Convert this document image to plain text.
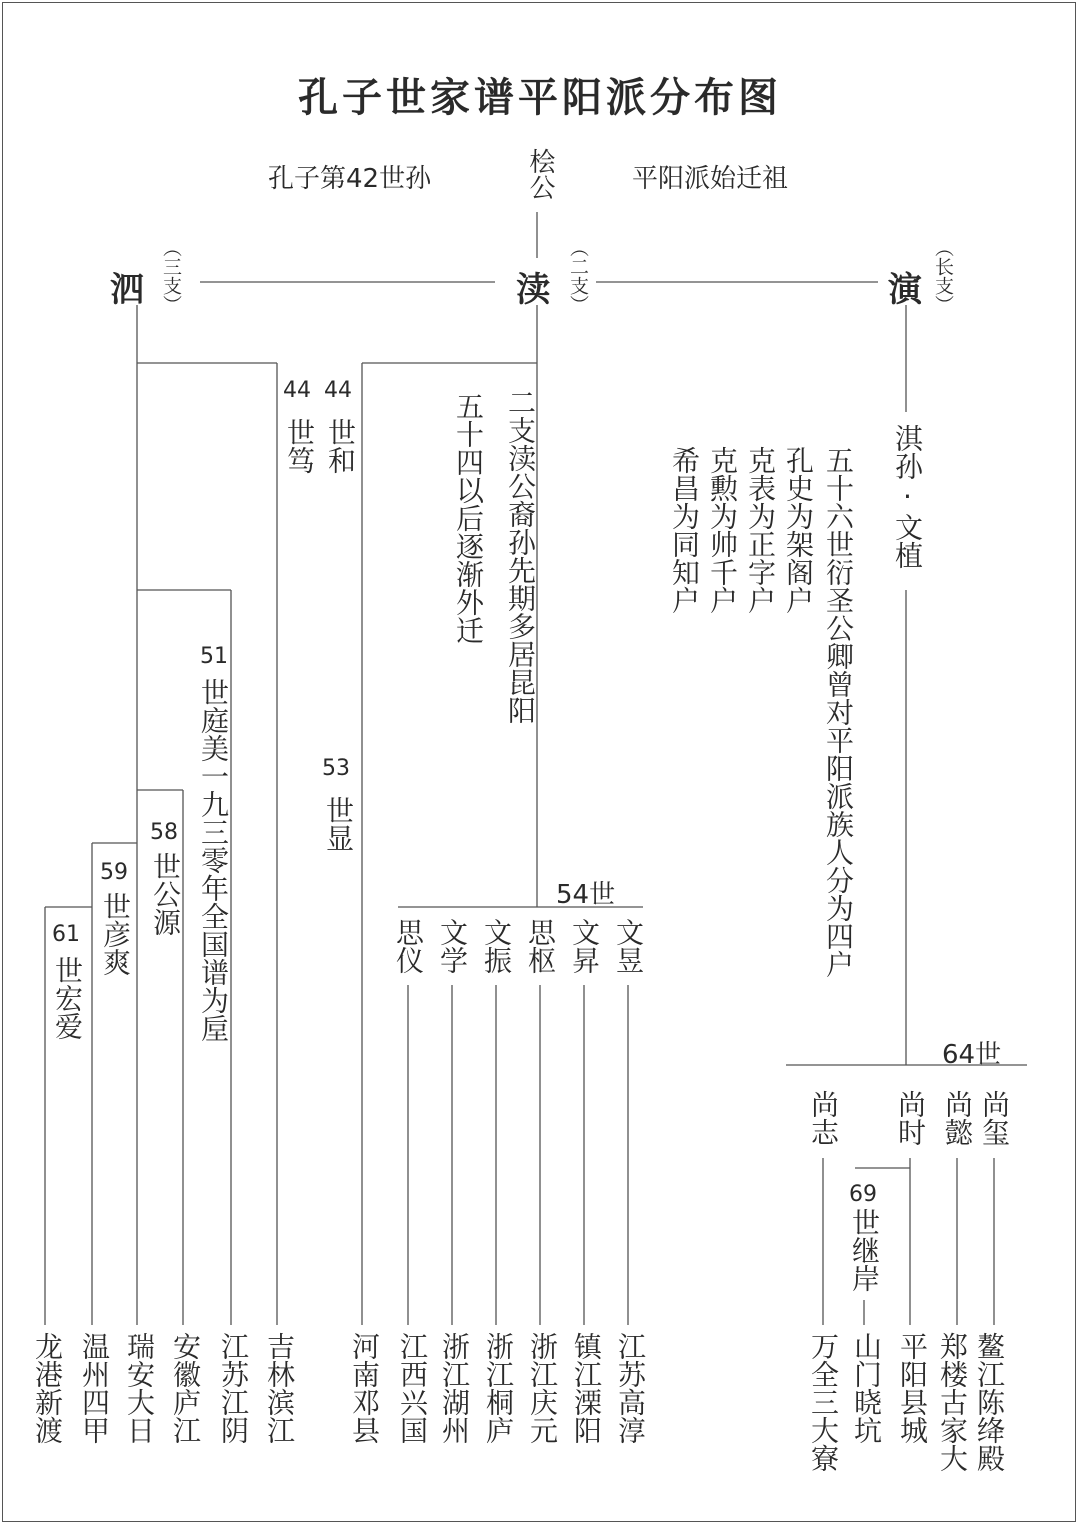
孔子世家谱平阳派分布图
孔子第42世孙	桧公	平阳派始迁祖
泗 （三支）	渎 （二支）	演 （长支）
44
世笃
44
世和
51
世庭美一九三零年全国谱为垕	53
世显
58
世公源
59
世彦爽
61
世宏爱
龙港新渡 温州四甲 瑞安大日 安徽庐江 江苏江阴 吉林滨江 河南邓县
二支渎公裔孙先期多居昆阳
五十四以后逐渐外迁
54世
思仪 文学 文振 思枢 文昇 文昱
江西兴国 浙江湖州 浙江桐庐 浙江庆元 镇江溧阳 江苏高淳
淇孙·文植
五十六世衍圣公卿曾对平阳派族人分为四户
孔史为架阁户
克表为正字户
克勲为帅千户
希昌为同知户
64世
尚志 尚时 尚懿 尚玺
69
世继岸
万全三大寮 山门晓坑 平阳县城 郑楼古家大 鳌江陈绛殿
